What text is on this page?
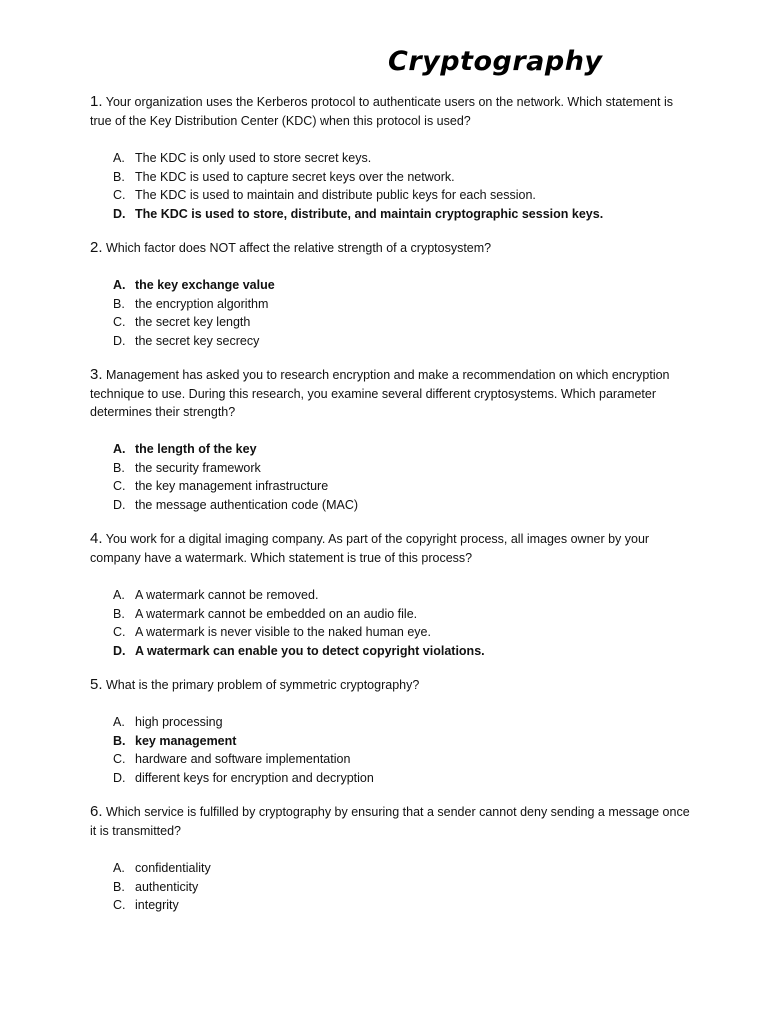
Cryptography

1. Your organization uses the Kerberos protocol to authenticate users on the network. Which statement is true of the Key Distribution Center (KDC) when this protocol is used?

A. The KDC is only used to store secret keys.
B. The KDC is used to capture secret keys over the network.
C. The KDC is used to maintain and distribute public keys for each session.
D. The KDC is used to store, distribute, and maintain cryptographic session keys.

2. Which factor does NOT affect the relative strength of a cryptosystem?

A. the key exchange value
B. the encryption algorithm
C. the secret key length
D. the secret key secrecy

3. Management has asked you to research encryption and make a recommendation on which encryption technique to use. During this research, you examine several different cryptosystems. Which parameter determines their strength?

A. the length of the key
B. the security framework
C. the key management infrastructure
D. the message authentication code (MAC)

4. You work for a digital imaging company. As part of the copyright process, all images owner by your company have a watermark. Which statement is true of this process?

A. A watermark cannot be removed.
B. A watermark cannot be embedded on an audio file.
C. A watermark is never visible to the naked human eye.
D. A watermark can enable you to detect copyright violations.

5. What is the primary problem of symmetric cryptography?

A. high processing
B. key management
C. hardware and software implementation
D. different keys for encryption and decryption

6. Which service is fulfilled by cryptography by ensuring that a sender cannot deny sending a message once it is transmitted?

A. confidentiality
B. authenticity
C. integrity
